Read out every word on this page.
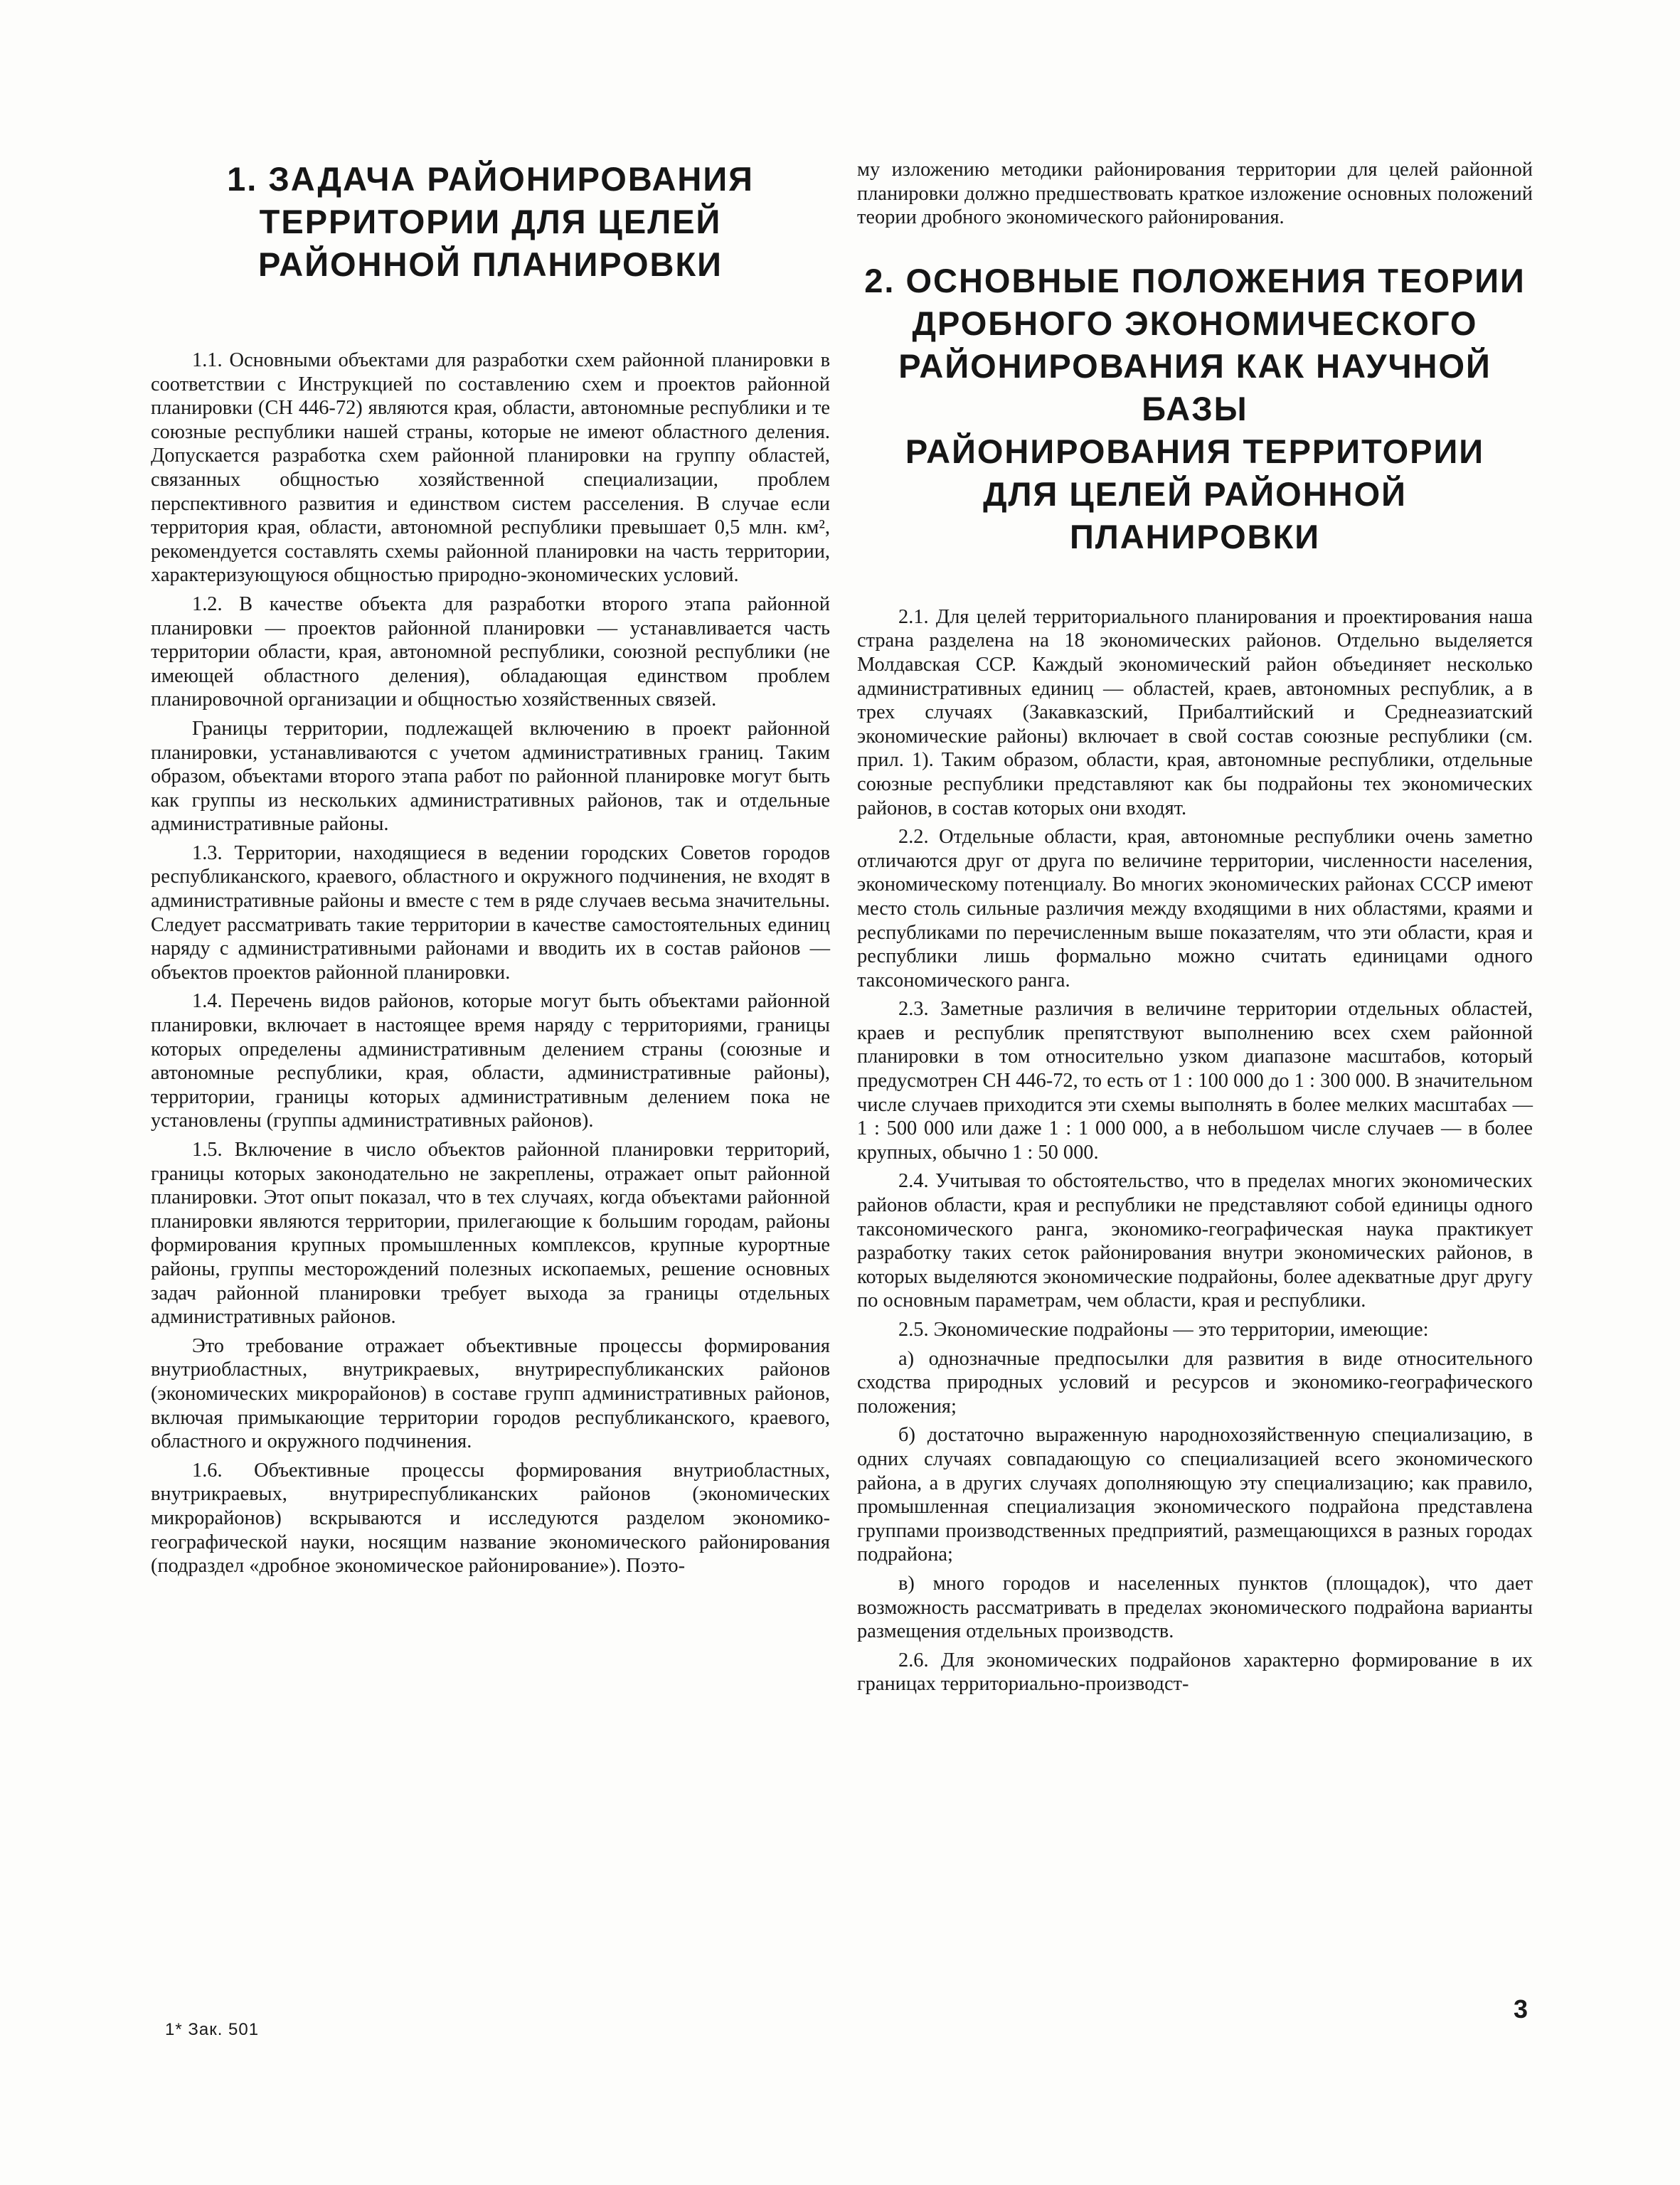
1. ЗАДАЧА РАЙОНИРОВАНИЯ
ТЕРРИТОРИИ ДЛЯ ЦЕЛЕЙ
РАЙОННОЙ ПЛАНИРОВКИ

1.1. Основными объектами для разработки схем районной планировки в соответствии с Инструкцией по составлению схем и проектов районной планировки (СН 446-72) являются края, области, автономные республики и те союзные республики нашей страны, которые не имеют областного деления. Допускается разработка схем районной планировки на группу областей, связанных общностью хозяйственной специализации, проблем перспективного развития и единством систем расселения. В случае если территория края, области, автономной республики превышает 0,5 млн. км², рекомендуется составлять схемы районной планировки на часть территории, характеризующуюся общностью природно-экономических условий.

1.2. В качестве объекта для разработки второго этапа районной планировки — проектов районной планировки — устанавливается часть территории области, края, автономной республики, союзной республики (не имеющей областного деления), обладающая единством проблем планировочной организации и общностью хозяйственных связей.

Границы территории, подлежащей включению в проект районной планировки, устанавливаются с учетом административных границ. Таким образом, объектами второго этапа работ по районной планировке могут быть как группы из нескольких административных районов, так и отдельные административные районы.

1.3. Территории, находящиеся в ведении городских Советов городов республиканского, краевого, областного и окружного подчинения, не входят в административные районы и вместе с тем в ряде случаев весьма значительны. Следует рассматривать такие территории в качестве самостоятельных единиц наряду с административными районами и вводить их в состав районов — объектов проектов районной планировки.

1.4. Перечень видов районов, которые могут быть объектами районной планировки, включает в настоящее время наряду с территориями, границы которых определены административным делением страны (союзные и автономные республики, края, области, административные районы), территории, границы которых административным делением пока не установлены (группы административных районов).

1.5. Включение в число объектов районной планировки территорий, границы которых законодательно не закреплены, отражает опыт районной планировки. Этот опыт показал, что в тех случаях, когда объектами районной планировки являются территории, прилегающие к большим городам, районы формирования крупных промышленных комплексов, крупные курортные районы, группы месторождений полезных ископаемых, решение основных задач районной планировки требует выхода за границы отдельных административных районов.

Это требование отражает объективные процессы формирования внутриобластных, внутрикраевых, внутриреспубликанских районов (экономических микрорайонов) в составе групп административных районов, включая примыкающие территории городов республиканского, краевого, областного и окружного подчинения.

1.6. Объективные процессы формирования внутриобластных, внутрикраевых, внутриреспубликанских районов (экономических микрорайонов) вскрываются и исследуются разделом экономико-географической науки, носящим название экономического районирования (подраздел «дробное экономическое районирование»). Поэто-

му изложению методики районирования территории для целей районной планировки должно предшествовать краткое изложение основных положений теории дробного экономического районирования.

2. ОСНОВНЫЕ ПОЛОЖЕНИЯ ТЕОРИИ
ДРОБНОГО ЭКОНОМИЧЕСКОГО
РАЙОНИРОВАНИЯ КАК НАУЧНОЙ БАЗЫ
РАЙОНИРОВАНИЯ ТЕРРИТОРИИ
ДЛЯ ЦЕЛЕЙ РАЙОННОЙ ПЛАНИРОВКИ

2.1. Для целей территориального планирования и проектирования наша страна разделена на 18 экономических районов. Отдельно выделяется Молдавская ССР. Каждый экономический район объединяет несколько административных единиц — областей, краев, автономных республик, а в трех случаях (Закавказский, Прибалтийский и Среднеазиатский экономические районы) включает в свой состав союзные республики (см. прил. 1). Таким образом, области, края, автономные республики, отдельные союзные республики представляют как бы подрайоны тех экономических районов, в состав которых они входят.

2.2. Отдельные области, края, автономные республики очень заметно отличаются друг от друга по величине территории, численности населения, экономическому потенциалу. Во многих экономических районах СССР имеют место столь сильные различия между входящими в них областями, краями и республиками по перечисленным выше показателям, что эти области, края и республики лишь формально можно считать единицами одного таксономического ранга.

2.3. Заметные различия в величине территории отдельных областей, краев и республик препятствуют выполнению всех схем районной планировки в том относительно узком диапазоне масштабов, который предусмотрен СН 446-72, то есть от 1 : 100 000 до 1 : 300 000. В значительном числе случаев приходится эти схемы выполнять в более мелких масштабах — 1 : 500 000 или даже 1 : 1 000 000, а в небольшом числе случаев — в более крупных, обычно 1 : 50 000.

2.4. Учитывая то обстоятельство, что в пределах многих экономических районов области, края и республики не представляют собой единицы одного таксономического ранга, экономико-географическая наука практикует разработку таких сеток районирования внутри экономических районов, в которых выделяются экономические подрайоны, более адекватные друг другу по основным параметрам, чем области, края и республики.

2.5. Экономические подрайоны — это территории, имеющие:

а) однозначные предпосылки для развития в виде относительного сходства природных условий и ресурсов и экономико-географического положения;

б) достаточно выраженную народнохозяйственную специализацию, в одних случаях совпадающую со специализацией всего экономического района, а в других случаях дополняющую эту специализацию; как правило, промышленная специализация экономического подрайона представлена группами производственных предприятий, размещающихся в разных городах подрайона;

в) много городов и населенных пунктов (площадок), что дает возможность рассматривать в пределах экономического подрайона варианты размещения отдельных производств.

2.6. Для экономических подрайонов характерно формирование в их границах территориально-производст-

1* Зак. 501
3
